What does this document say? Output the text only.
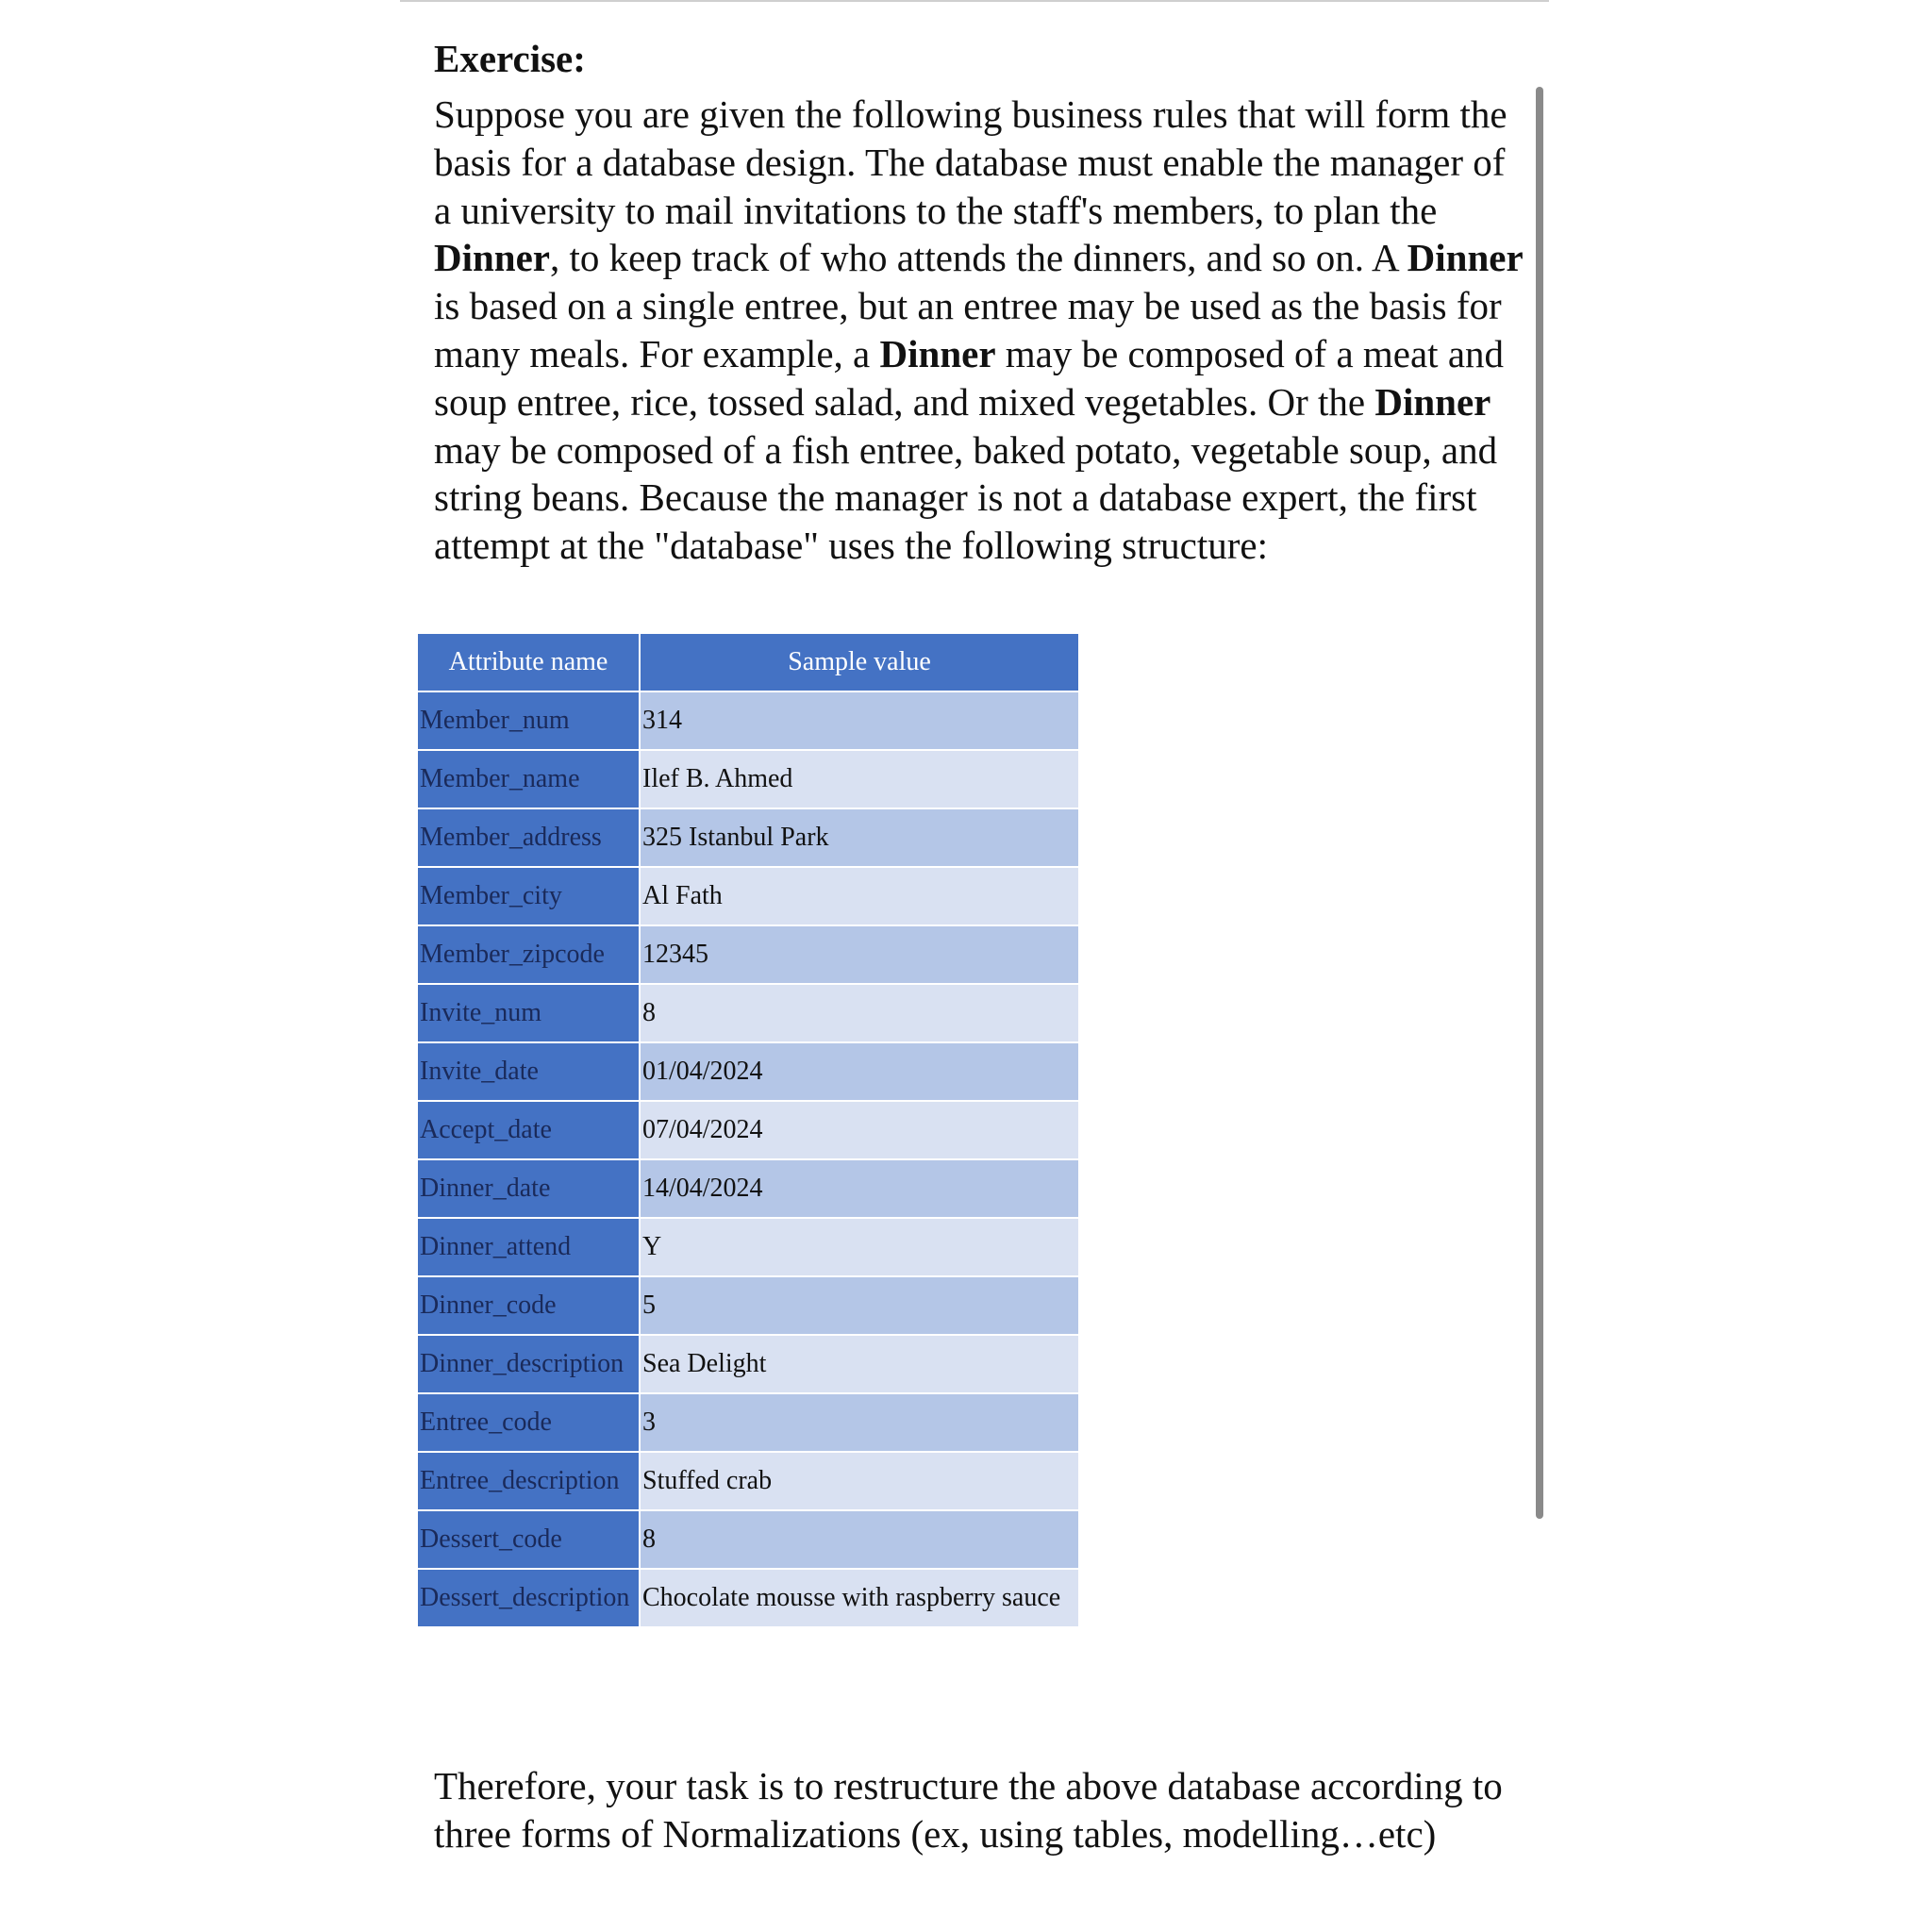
Exercise:

Suppose you are given the following business rules that will form the basis for a database design. The database must enable the manager of a university to mail invitations to the staff's members, to plan the Dinner, to keep track of who attends the dinners, and so on. A Dinner is based on a single entree, but an entree may be used as the basis for many meals. For example, a Dinner may be composed of a meat and soup entree, rice, tossed salad, and mixed vegetables. Or the Dinner may be composed of a fish entree, baked potato, vegetable soup, and string beans. Because the manager is not a database expert, the first attempt at the "database" uses the following structure:

Attribute name	Sample value
Member_num	314
Member_name	Ilef B. Ahmed
Member_address	325 Istanbul Park
Member_city	Al Fath
Member_zipcode	12345
Invite_num	8
Invite_date	01/04/2024
Accept_date	07/04/2024
Dinner_date	14/04/2024
Dinner_attend	Y
Dinner_code	5
Dinner_description	Sea Delight
Entree_code	3
Entree_description	Stuffed crab
Dessert_code	8
Dessert_description	Chocolate mousse with raspberry sauce

Therefore, your task is to restructure the above database according to three forms of Normalizations (ex, using tables, modelling…etc)
